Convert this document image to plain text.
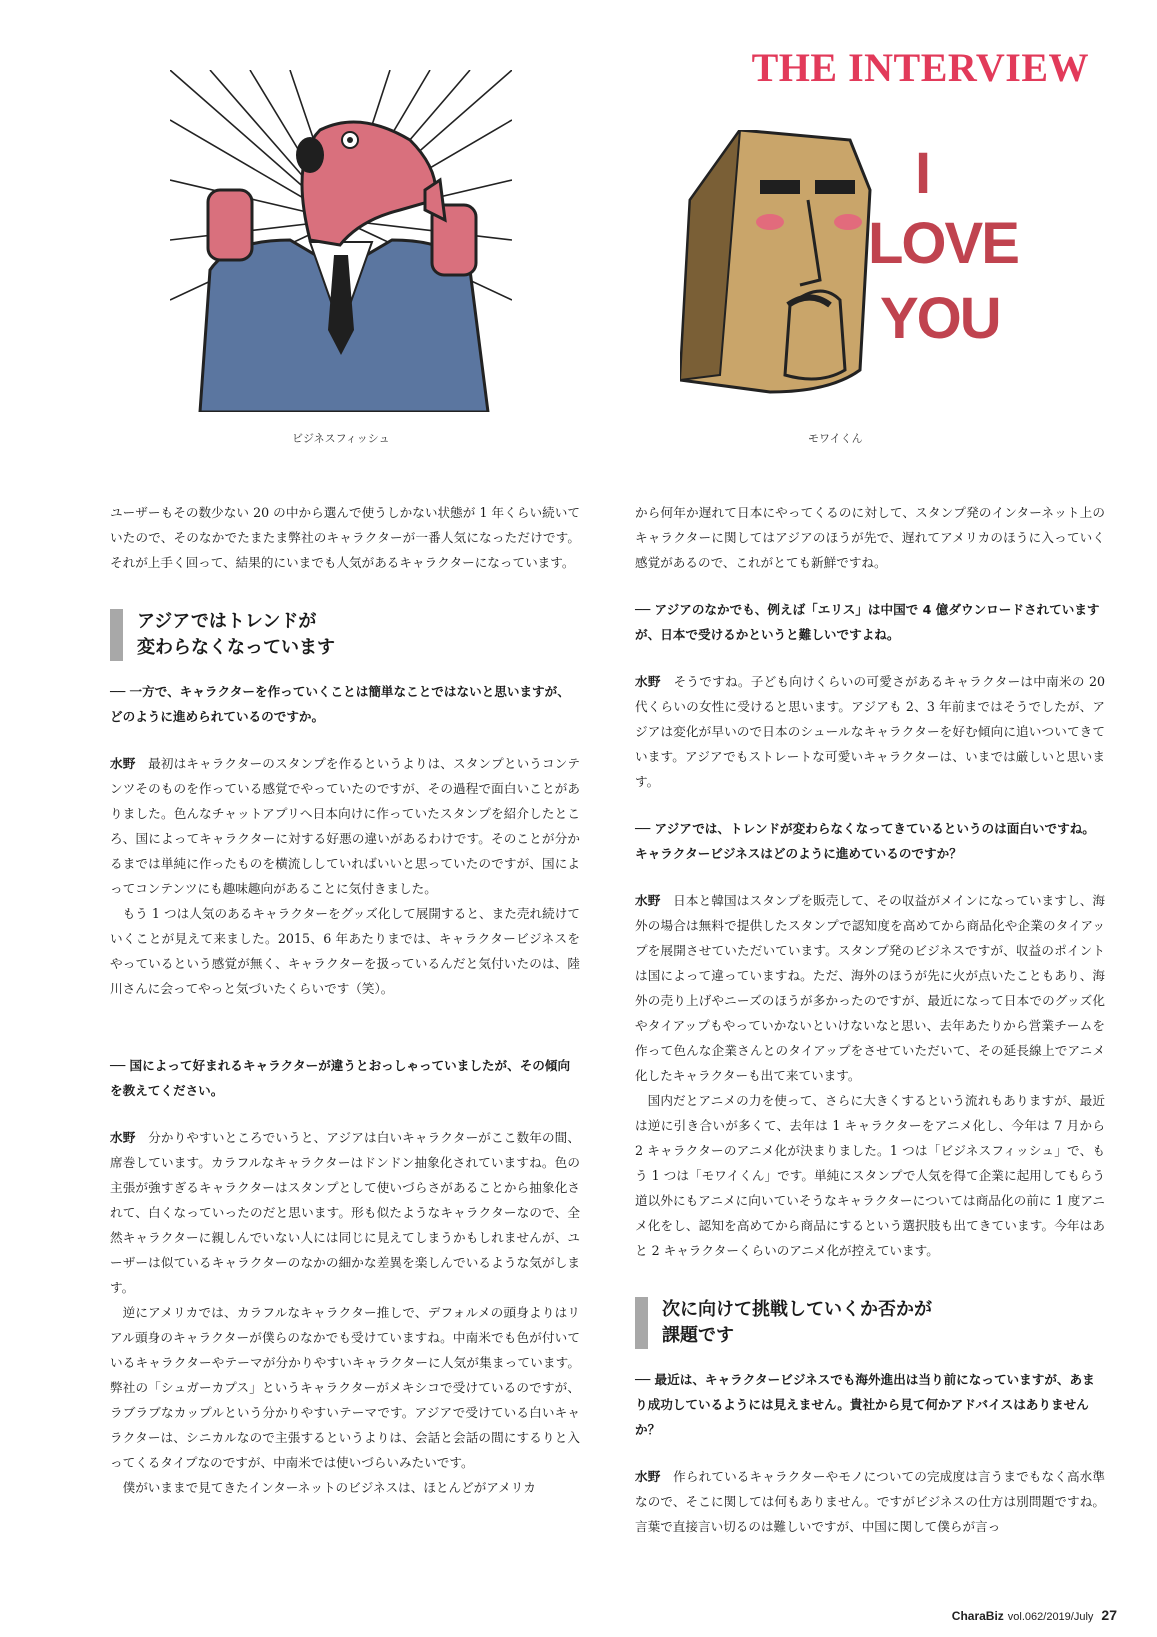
THE INTERVIEW
ビジネスフィッシュ
I
LOVE
YOU
モワイくん

ユーザーもその数少ない 20 の中から選んで使うしかない状態が 1 年くらい続いていたので、そのなかでたまたま弊社のキャラクターが一番人気になっただけです。それが上手く回って、結果的にいまでも人気があるキャラクターになっています。

アジアではトレンドが
変わらなくなっています

── 一方で、キャラクターを作っていくことは簡単なことではないと思いますが、どのように進められているのですか。

水野　最初はキャラクターのスタンプを作るというよりは、スタンプというコンテンツそのものを作っている感覚でやっていたのですが、その過程で面白いことがありました。色んなチャットアプリへ日本向けに作っていたスタンプを紹介したところ、国によってキャラクターに対する好悪の違いがあるわけです。そのことが分かるまでは単純に作ったものを横流ししていればいいと思っていたのですが、国によってコンテンツにも趣味趣向があることに気付きました。

もう 1 つは人気のあるキャラクターをグッズ化して展開すると、また売れ続けていくことが見えて来ました。2015、6 年あたりまでは、キャラクタービジネスをやっているという感覚が無く、キャラクターを扱っているんだと気付いたのは、陸川さんに会ってやっと気づいたくらいです（笑）。

── 国によって好まれるキャラクターが違うとおっしゃっていましたが、その傾向を教えてください。

水野　分かりやすいところでいうと、アジアは白いキャラクターがここ数年の間、席巻しています。カラフルなキャラクターはドンドン抽象化されていますね。色の主張が強すぎるキャラクターはスタンプとして使いづらさがあることから抽象化されて、白くなっていったのだと思います。形も似たようなキャラクターなので、全然キャラクターに親しんでいない人には同じに見えてしまうかもしれませんが、ユーザーは似ているキャラクターのなかの細かな差異を楽しんでいるような気がします。

逆にアメリカでは、カラフルなキャラクター推しで、デフォルメの頭身よりはリアル頭身のキャラクターが僕らのなかでも受けていますね。中南米でも色が付いているキャラクターやテーマが分かりやすいキャラクターに人気が集まっています。弊社の「シュガーカプス」というキャラクターがメキシコで受けているのですが、ラブラブなカップルという分かりやすいテーマです。アジアで受けている白いキャラクターは、シニカルなので主張するというよりは、会話と会話の間にするりと入ってくるタイプなのですが、中南米では使いづらいみたいです。

僕がいままで見てきたインターネットのビジネスは、ほとんどがアメリカ

から何年か遅れて日本にやってくるのに対して、スタンプ発のインターネット上のキャラクターに関してはアジアのほうが先で、遅れてアメリカのほうに入っていく感覚があるので、これがとても新鮮ですね。

── アジアのなかでも、例えば「エリス」は中国で 4 億ダウンロードされていますが、日本で受けるかというと難しいですよね。

水野　そうですね。子ども向けくらいの可愛さがあるキャラクターは中南米の 20 代くらいの女性に受けると思います。アジアも 2、3 年前まではそうでしたが、アジアは変化が早いので日本のシュールなキャラクターを好む傾向に追いついてきています。アジアでもストレートな可愛いキャラクターは、いまでは厳しいと思います。

── アジアでは、トレンドが変わらなくなってきているというのは面白いですね。キャラクタービジネスはどのように進めているのですか？

水野　日本と韓国はスタンプを販売して、その収益がメインになっていますし、海外の場合は無料で提供したスタンプで認知度を高めてから商品化や企業のタイアップを展開させていただいています。スタンプ発のビジネスですが、収益のポイントは国によって違っていますね。ただ、海外のほうが先に火が点いたこともあり、海外の売り上げやニーズのほうが多かったのですが、最近になって日本でのグッズ化やタイアップもやっていかないといけないなと思い、去年あたりから営業チームを作って色んな企業さんとのタイアップをさせていただいて、その延長線上でアニメ化したキャラクターも出て来ています。

国内だとアニメの力を使って、さらに大きくするという流れもありますが、最近は逆に引き合いが多くて、去年は 1 キャラクターをアニメ化し、今年は 7 月から 2 キャラクターのアニメ化が決まりました。1 つは「ビジネスフィッシュ」で、もう 1 つは「モワイくん」です。単純にスタンプで人気を得て企業に起用してもらう道以外にもアニメに向いていそうなキャラクターについては商品化の前に 1 度アニメ化をし、認知を高めてから商品にするという選択肢も出てきています。今年はあと 2 キャラクターくらいのアニメ化が控えています。

次に向けて挑戦していくか否かが
課題です

── 最近は、キャラクタービジネスでも海外進出は当り前になっていますが、あまり成功しているようには見えません。貴社から見て何かアドバイスはありませんか？

水野　作られているキャラクターやモノについての完成度は言うまでもなく高水準なので、そこに関しては何もありません。ですがビジネスの仕方は別問題ですね。言葉で直接言い切るのは難しいですが、中国に関して僕らが言っ

CharaBiz vol.062/2019/July 27
